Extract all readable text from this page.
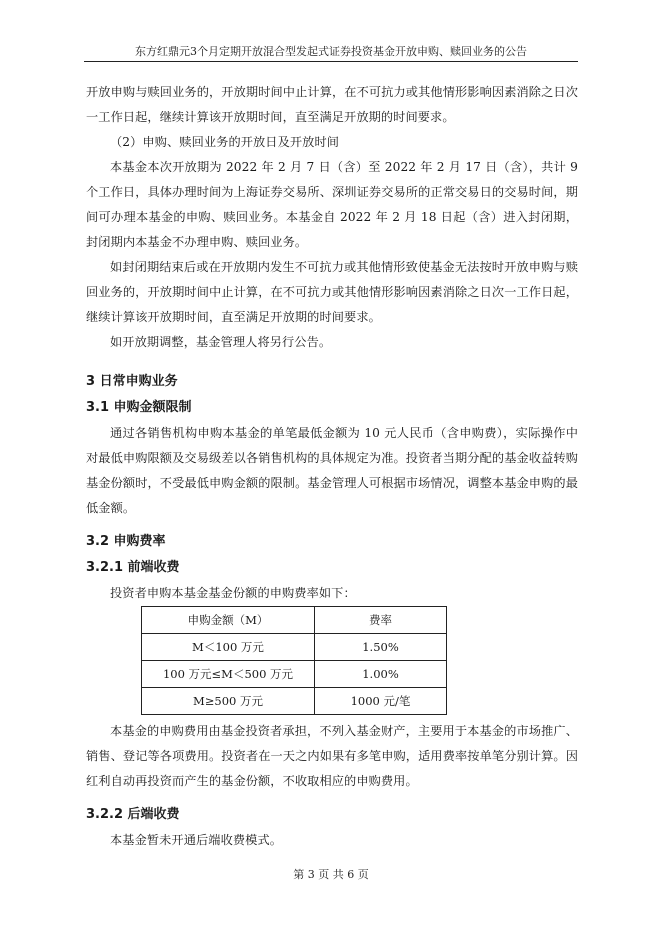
东方红鼎元3个月定期开放混合型发起式证券投资基金开放申购、赎回业务的公告

开放申购与赎回业务的，开放期时间中止计算，在不可抗力或其他情形影响因素消除之日次一工作日起，继续计算该开放期时间，直至满足开放期的时间要求。

（2）申购、赎回业务的开放日及开放时间

本基金本次开放期为 2022 年 2 月 7 日（含）至 2022 年 2 月 17 日（含），共计 9 个工作日，具体办理时间为上海证券交易所、深圳证券交易所的正常交易日的交易时间，期间可办理本基金的申购、赎回业务。本基金自 2022 年 2 月 18 日起（含）进入封闭期，封闭期内本基金不办理申购、赎回业务。

如封闭期结束后或在开放期内发生不可抗力或其他情形致使基金无法按时开放申购与赎回业务的，开放期时间中止计算，在不可抗力或其他情形影响因素消除之日次一工作日起，继续计算该开放期时间，直至满足开放期的时间要求。

如开放期调整，基金管理人将另行公告。

3 日常申购业务
3.1 申购金额限制

通过各销售机构申购本基金的单笔最低金额为 10 元人民币（含申购费），实际操作中对最低申购限额及交易级差以各销售机构的具体规定为准。投资者当期分配的基金收益转购基金份额时，不受最低申购金额的限制。基金管理人可根据市场情况，调整本基金申购的最低金额。

3.2 申购费率
3.2.1 前端收费

投资者申购本基金基金份额的申购费率如下：

申购金额（M）	费率
M＜100 万元	1.50%
100 万元≤M＜500 万元	1.00%
M≥500 万元	1000 元/笔

本基金的申购费用由基金投资者承担，不列入基金财产，主要用于本基金的市场推广、销售、登记等各项费用。投资者在一天之内如果有多笔申购，适用费率按单笔分别计算。因红利自动再投资而产生的基金份额，不收取相应的申购费用。

3.2.2 后端收费

本基金暂未开通后端收费模式。

第 3 页 共 6 页
